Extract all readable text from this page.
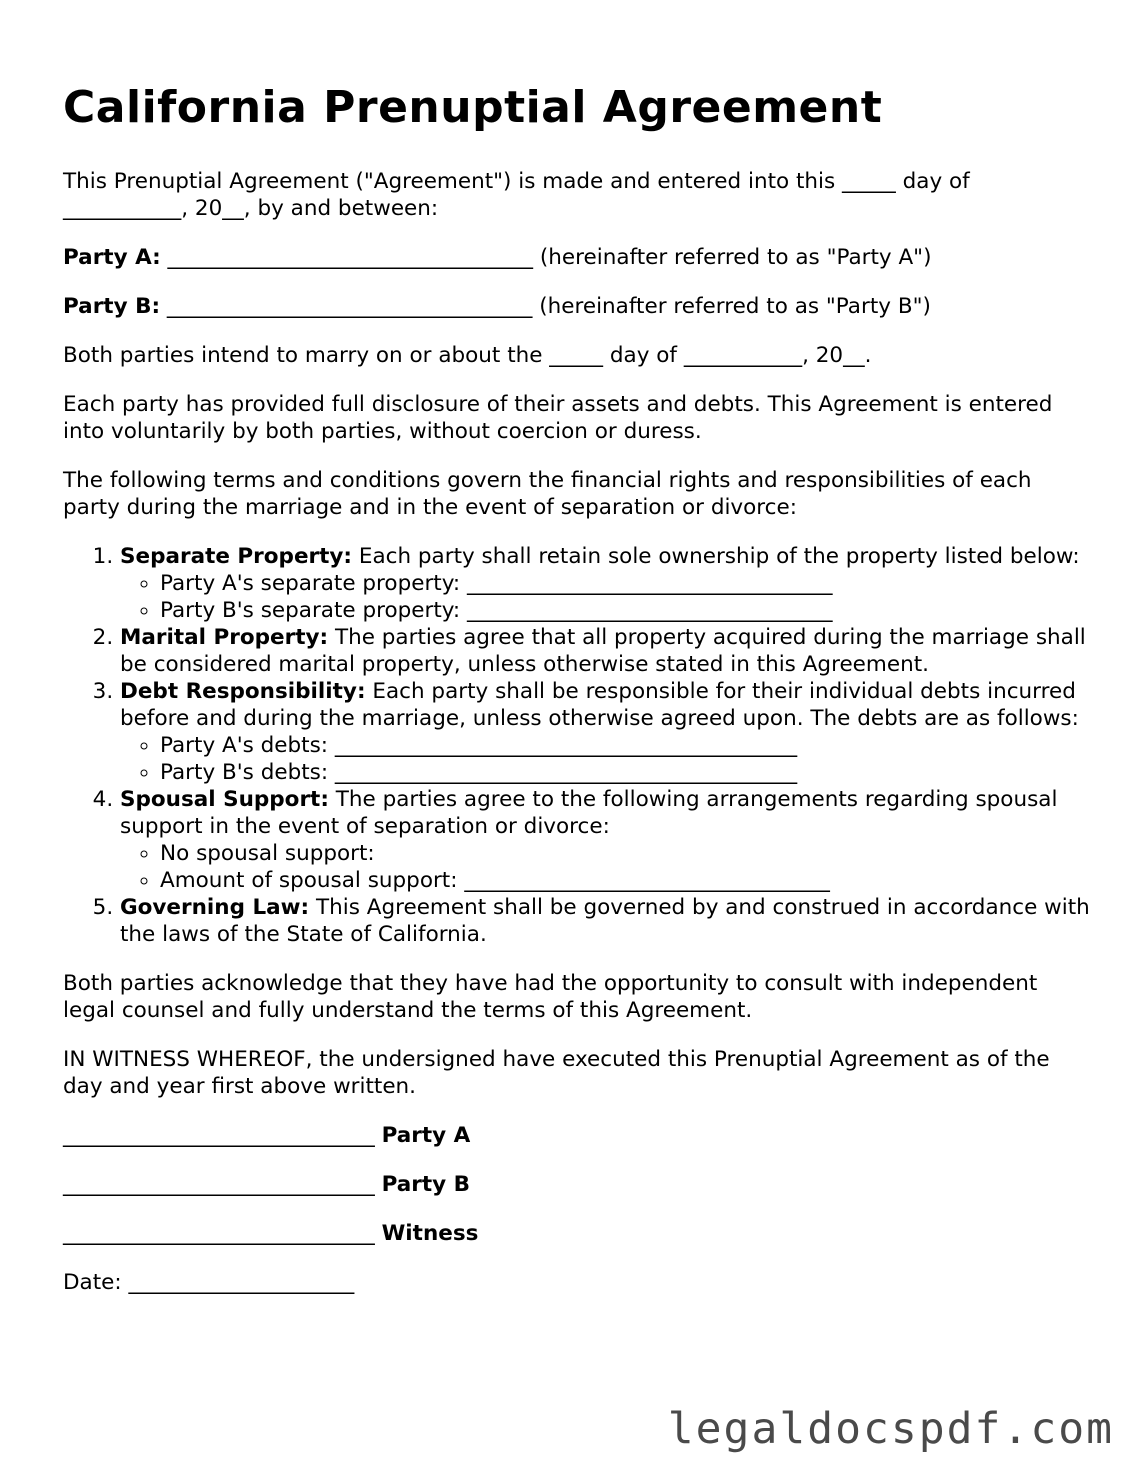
California Prenuptial Agreement

This Prenuptial Agreement ("Agreement") is made and entered into this _____ day of ___________, 20__, by and between:

Party A: __________________________________ (hereinafter referred to as "Party A")

Party B: __________________________________ (hereinafter referred to as "Party B")

Both parties intend to marry on or about the _____ day of ___________, 20__.

Each party has provided full disclosure of their assets and debts. This Agreement is entered into voluntarily by both parties, without coercion or duress.

The following terms and conditions govern the financial rights and responsibilities of each party during the marriage and in the event of separation or divorce:

1. Separate Property: Each party shall retain sole ownership of the property listed below:
◦ Party A's separate property: __________________________________
◦ Party B's separate property: __________________________________
2. Marital Property: The parties agree that all property acquired during the marriage shall be considered marital property, unless otherwise stated in this Agreement.
3. Debt Responsibility: Each party shall be responsible for their individual debts incurred before and during the marriage, unless otherwise agreed upon. The debts are as follows:
◦ Party A's debts: ___________________________________________
◦ Party B's debts: ___________________________________________
4. Spousal Support: The parties agree to the following arrangements regarding spousal support in the event of separation or divorce:
◦ No spousal support:
◦ Amount of spousal support: __________________________________
5. Governing Law: This Agreement shall be governed by and construed in accordance with the laws of the State of California.

Both parties acknowledge that they have had the opportunity to consult with independent legal counsel and fully understand the terms of this Agreement.

IN WITNESS WHEREOF, the undersigned have executed this Prenuptial Agreement as of the day and year first above written.

_____________________________ Party A

_____________________________ Party B

_____________________________ Witness

Date: _____________________

legaldocspdf.com
